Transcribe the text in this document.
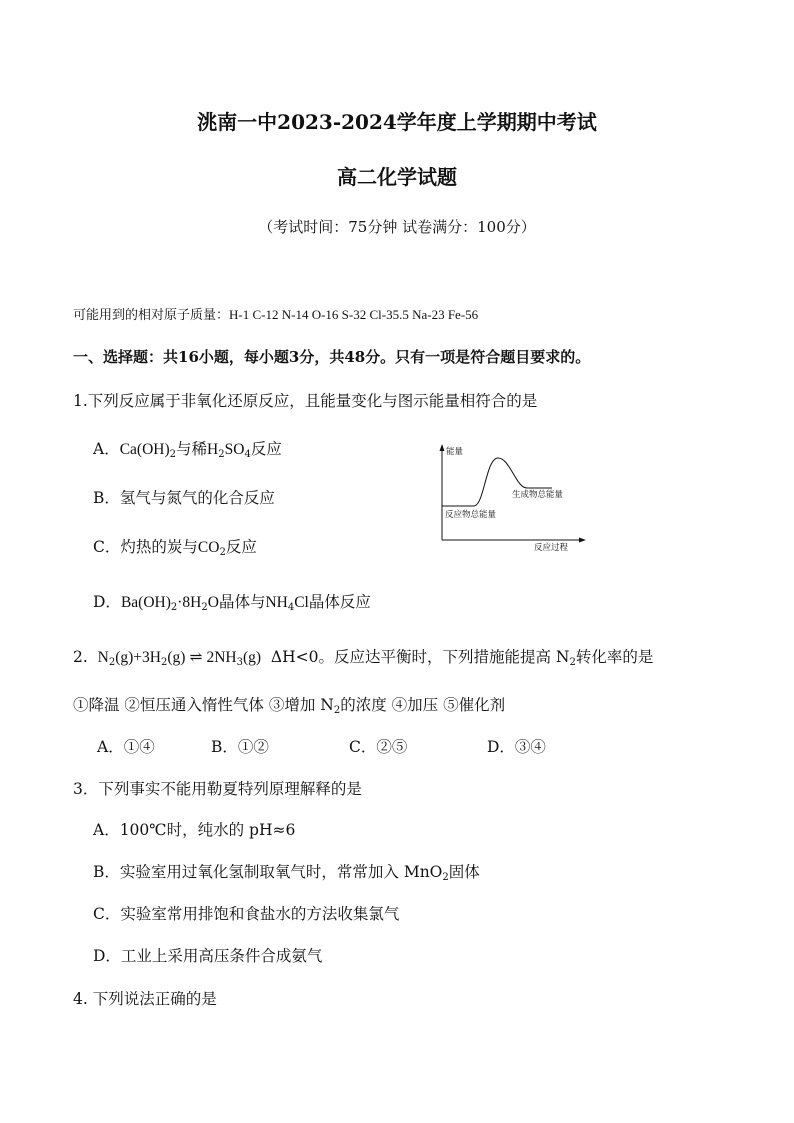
洮南一中2023-2024学年度上学期期中考试
高二化学试题
（考试时间：75分钟 试卷满分：100分）
可能用到的相对原子质量：H-1 C-12 N-14 O-16 S-32 Cl-35.5 Na-23 Fe-56
一、选择题：共16小题，每小题3分，共48分。只有一项是符合题目要求的。
1.下列反应属于非氧化还原反应，且能量变化与图示能量相符合的是
A．$Ca(OH)_2$与稀$H_2SO_4$反应
B．氢气与氮气的化合反应
C．灼热的炭与$CO_2$反应
D．$Ba(OH)_2\cdot 8H_2O$晶体与$NH_4Cl$晶体反应
能量
生成物总能量
反应物总能量
反应过程
2. $N_2(g)+3H_2(g)$ ⇌ $2NH_3(g)$ ΔH<0。反应达平衡时，下列措施能提高 $N_2$转化率的是
①降温 ②恒压通入惰性气体 ③增加 $N_2$的浓度 ④加压 ⑤催化剂
A．①④	B．①②	C．②⑤	D．③④
3．下列事实不能用勒夏特列原理解释的是
A．100℃时，纯水的 pH≈6
B．实验室用过氧化氢制取氧气时，常常加入 MnO$_2$固体
C．实验室常用排饱和食盐水的方法收集氯气
D．工业上采用高压条件合成氨气
4. 下列说法正确的是
